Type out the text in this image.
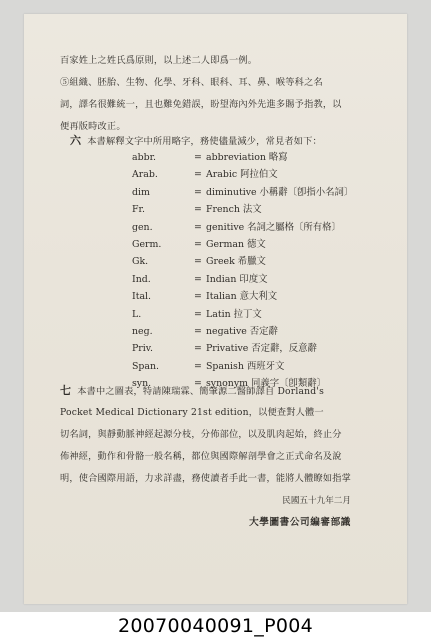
百家姓上之姓氏爲原則，以上述二人即爲一例。
⑤組織、胚胎、生物、化學、牙科、眼科、耳、鼻、喉等科之名
詞，譯名很難統一，且也難免錯誤，盼望海內外先進多賜予指教，以
便再版時改正。
六 本書解釋文字中所用略字，務使儘量減少，常見者如下：
abbr.	= abbreviation 略寫
Arab.	= Arabic 阿拉伯文
dim	= diminutive 小稱辭〔卽指小名詞〕
Fr.	= French 法文
gen.	= genitive 名詞之屬格〔所有格〕
Germ.	= German 德文
Gk.	= Greek 希臘文
Ind.	= Indian 印度文
Ital.	= Italian 意大利文
L.	= Latin 拉丁文
neg.	= negative 否定辭
Priv.	= Privative 否定辭，反意辭
Span.	= Spanish 西班牙文
syn.	= synonym 同義字〔卽類辭〕
七 本書中之圖表，特請陳瑞霖、簡肇源二醫師譯自 Dorland's
Pocket Medical Dictionary 21st edition，以便查對人體一
切名詞，與靜動脈神經起源分枝，分佈部位，以及肌肉起始，終止分
佈神經，動作和骨骼一般名稱，都位與國際解剖學會之正式命名及說
明，使合國際用語，力求詳盡，務使讀者手此一書，能將人體瞭如指掌
民國五十九年二月
大學圖書公司編審部識
20070040091_P004
